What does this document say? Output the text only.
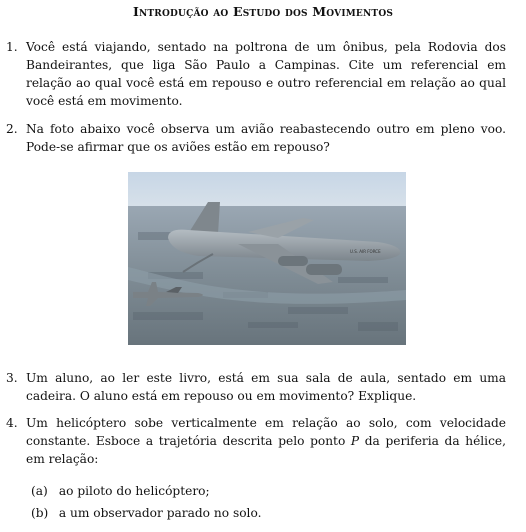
Introdução ao Estudo dos Movimentos
1. Você está viajando, sentado na poltrona de um ônibus, pela Rodovia dos Bandeirantes, que liga São Paulo a Campinas. Cite um referencial em relação ao qual você está em repouso e outro referencial em relação ao qual você está em movimento.
2. Na foto abaixo você observa um avião reabastecendo outro em pleno voo. Pode-se afirmar que os aviões estão em repouso?
U.S. AIR FORCE
3. Um aluno, ao ler este livro, está em sua sala de aula, sentado em uma cadeira. O aluno está em repouso ou em movimento? Explique.
4. Um helicóptero sobe verticalmente em relação ao solo, com velocidade constante. Esboce a trajetória descrita pelo ponto P da periferia da hélice, em relação:
(a) ao piloto do helicóptero;
(b) a um observador parado no solo.
